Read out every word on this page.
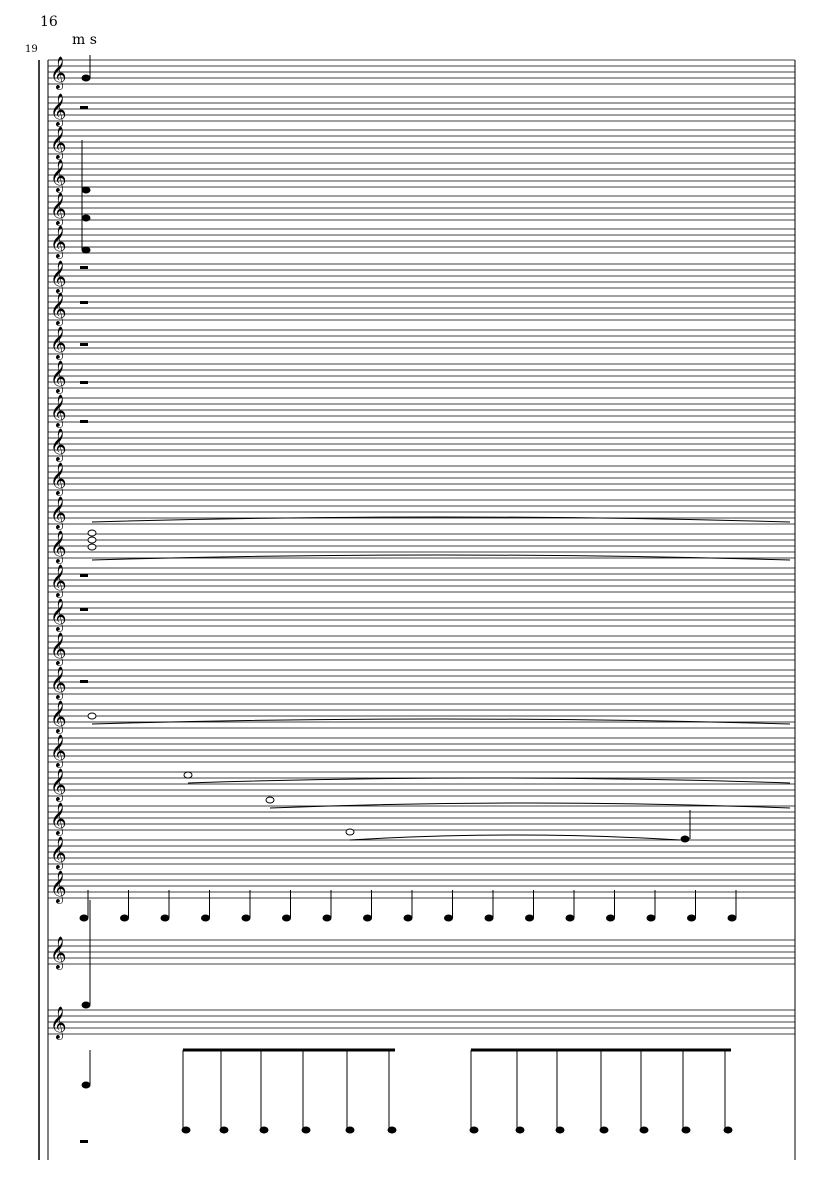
16
19
m s
𝄞
𝄞
𝄞
𝄞
𝄞
𝄞
𝄞
𝄞
𝄞
𝄞
𝄞
𝄞
𝄞
𝄞
𝄞
𝄞
𝄞
𝄞
𝄞
𝄞
𝄞
𝄞
𝄞
𝄞
𝄞
𝄞
𝄞
